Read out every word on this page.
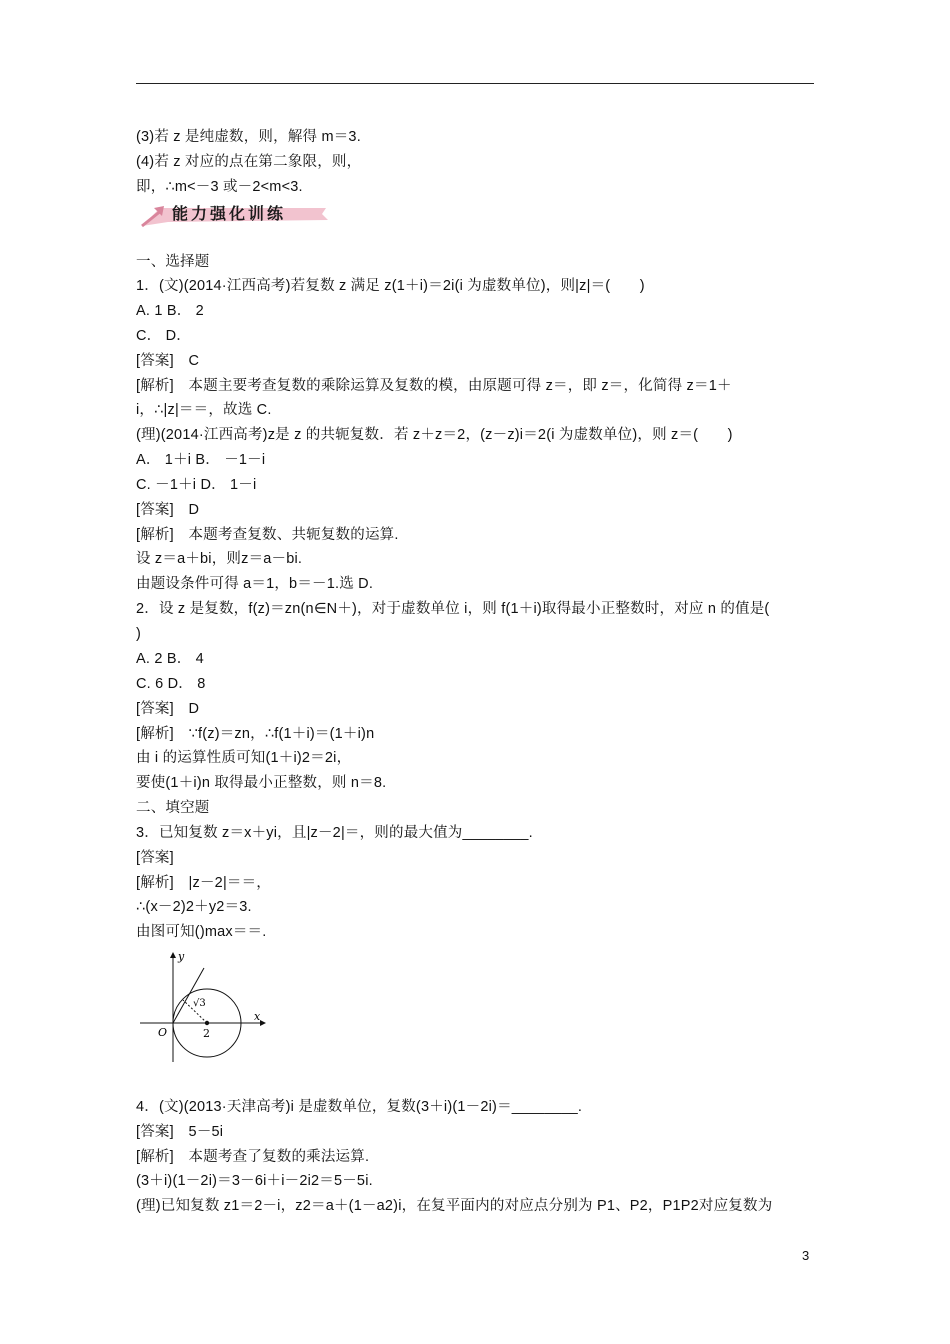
(3)若 z 是纯虚数，则，解得 m＝3.
(4)若 z 对应的点在第二象限，则，
即，∴m<－3 或－2<m<3.
能力强化训练
一、选择题
1．(文)(2014·江西高考)若复数 z 满足 z(1＋i)＝2i(i 为虚数单位)，则|z|＝(　　)
A. 1 B． 2
C． D．
[答案]　C
[解析]　本题主要考查复数的乘除运算及复数的模，由原题可得 z＝，即 z＝，化简得 z＝1＋
i，∴|z|＝＝，故选 C.
(理)(2014·江西高考)z是 z 的共轭复数．若 z＋z＝2，(z－z)i＝2(i 为虚数单位)，则 z＝(　　)
A． 1＋i B． －1－i
C. －1＋i D． 1－i
[答案]　D
[解析]　本题考查复数、共轭复数的运算.
设 z＝a＋bi，则z＝a－bi.
由题设条件可得 a＝1，b＝－1.选 D.
2．设 z 是复数，f(z)＝zn(n∈N＋)，对于虚数单位 i，则 f(1＋i)取得最小正整数时，对应 n 的值是(
)
A. 2 B． 4
C. 6 D． 8
[答案]　D
[解析]　∵f(z)＝zn，∴f(1＋i)＝(1＋i)n
由 i 的运算性质可知(1＋i)2＝2i，
要使(1＋i)n 取得最小正整数，则 n＝8.
二、填空题
3．已知复数 z＝x＋yi，且|z－2|＝，则的最大值为________.
[答案]
[解析]　|z－2|＝＝，
∴(x－2)2＋y2＝3.
由图可知()max＝＝.
y
x
O	2
√3
4．(文)(2013·天津高考)i 是虚数单位，复数(3＋i)(1－2i)＝________.
[答案]　5－5i
[解析]　本题考查了复数的乘法运算.
(3＋i)(1－2i)＝3－6i＋i－2i2＝5－5i.
(理)已知复数 z1＝2－i，z2＝a＋(1－a2)i，在复平面内的对应点分别为 P1、P2，P1P2对应复数为
3
